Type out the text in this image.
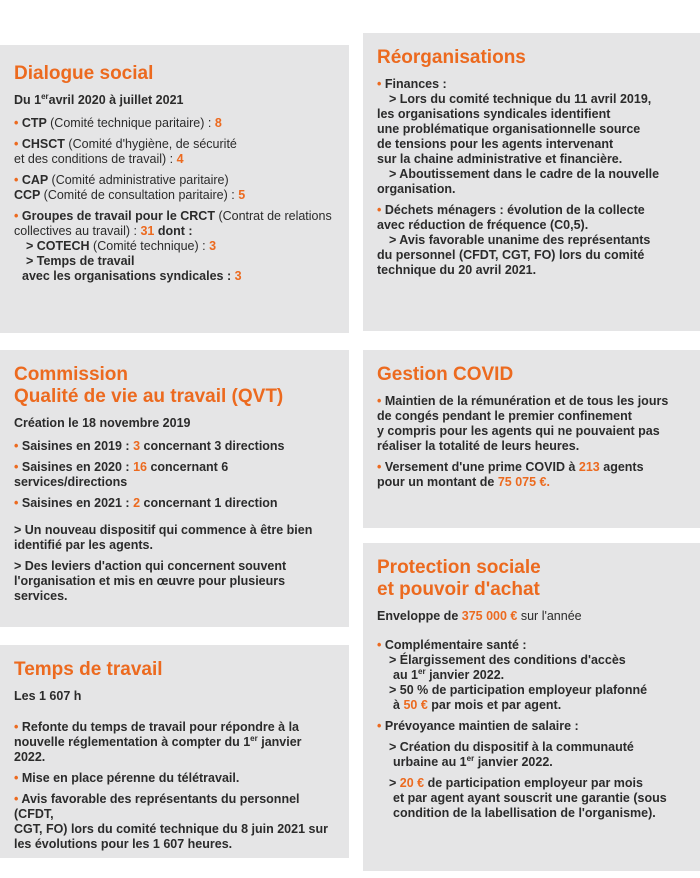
Dialogue social
Du 1eravril 2020 à juillet 2021
• CTP (Comité technique paritaire) : 8
• CHSCT (Comité d'hygiène, de sécurité
et des conditions de travail) : 4
• CAP (Comité administrative paritaire)
CCP (Comité de consultation paritaire) : 5
• Groupes de travail pour le CRCT (Contrat de relations
collectives au travail) : 31 dont :
> COTECH (Comité technique) : 3
> Temps de travail
avec les organisations syndicales : 3
Commission
Qualité de vie au travail (QVT)
Création le 18 novembre 2019
• Saisines en 2019 : 3 concernant 3 directions
• Saisines en 2020 : 16 concernant 6 services/directions
• Saisines en 2021 : 2 concernant 1 direction
> Un nouveau dispositif qui commence à être bien
identifié par les agents.
> Des leviers d'action qui concernent souvent
l'organisation et mis en œuvre pour plusieurs services.
Temps de travail
Les 1 607 h
• Refonte du temps de travail pour répondre à la
nouvelle réglementation à compter du 1er janvier 2022.
• Mise en place pérenne du télétravail.
• Avis favorable des représentants du personnel (CFDT,
CGT, FO) lors du comité technique du 8 juin 2021 sur
les évolutions pour les 1 607 heures.
Réorganisations
• Finances :
> Lors du comité technique du 11 avril 2019,
les organisations syndicales identifient
une problématique organisationnelle source
de tensions pour les agents intervenant
sur la chaine administrative et financière.
> Aboutissement dans le cadre de la nouvelle
organisation.
• Déchets ménagers : évolution de la collecte
avec réduction de fréquence (C0,5).
> Avis favorable unanime des représentants
du personnel (CFDT, CGT, FO) lors du comité
technique du 20 avril 2021.
Gestion COVID
• Maintien de la rémunération et de tous les jours
de congés pendant le premier confinement
y compris pour les agents qui ne pouvaient pas
réaliser la totalité de leurs heures.
• Versement d'une prime COVID à 213 agents
pour un montant de 75 075 €.
Protection sociale
et pouvoir d'achat
Enveloppe de 375 000 € sur l'année
• Complémentaire santé :
> Élargissement des conditions d'accès
au 1er janvier 2022.
> 50 % de participation employeur plafonné
à 50 € par mois et par agent.
• Prévoyance maintien de salaire :
> Création du dispositif à la communauté
urbaine au 1er janvier 2022.
> 20 € de participation employeur par mois
et par agent ayant souscrit une garantie (sous
condition de la labellisation de l'organisme).
